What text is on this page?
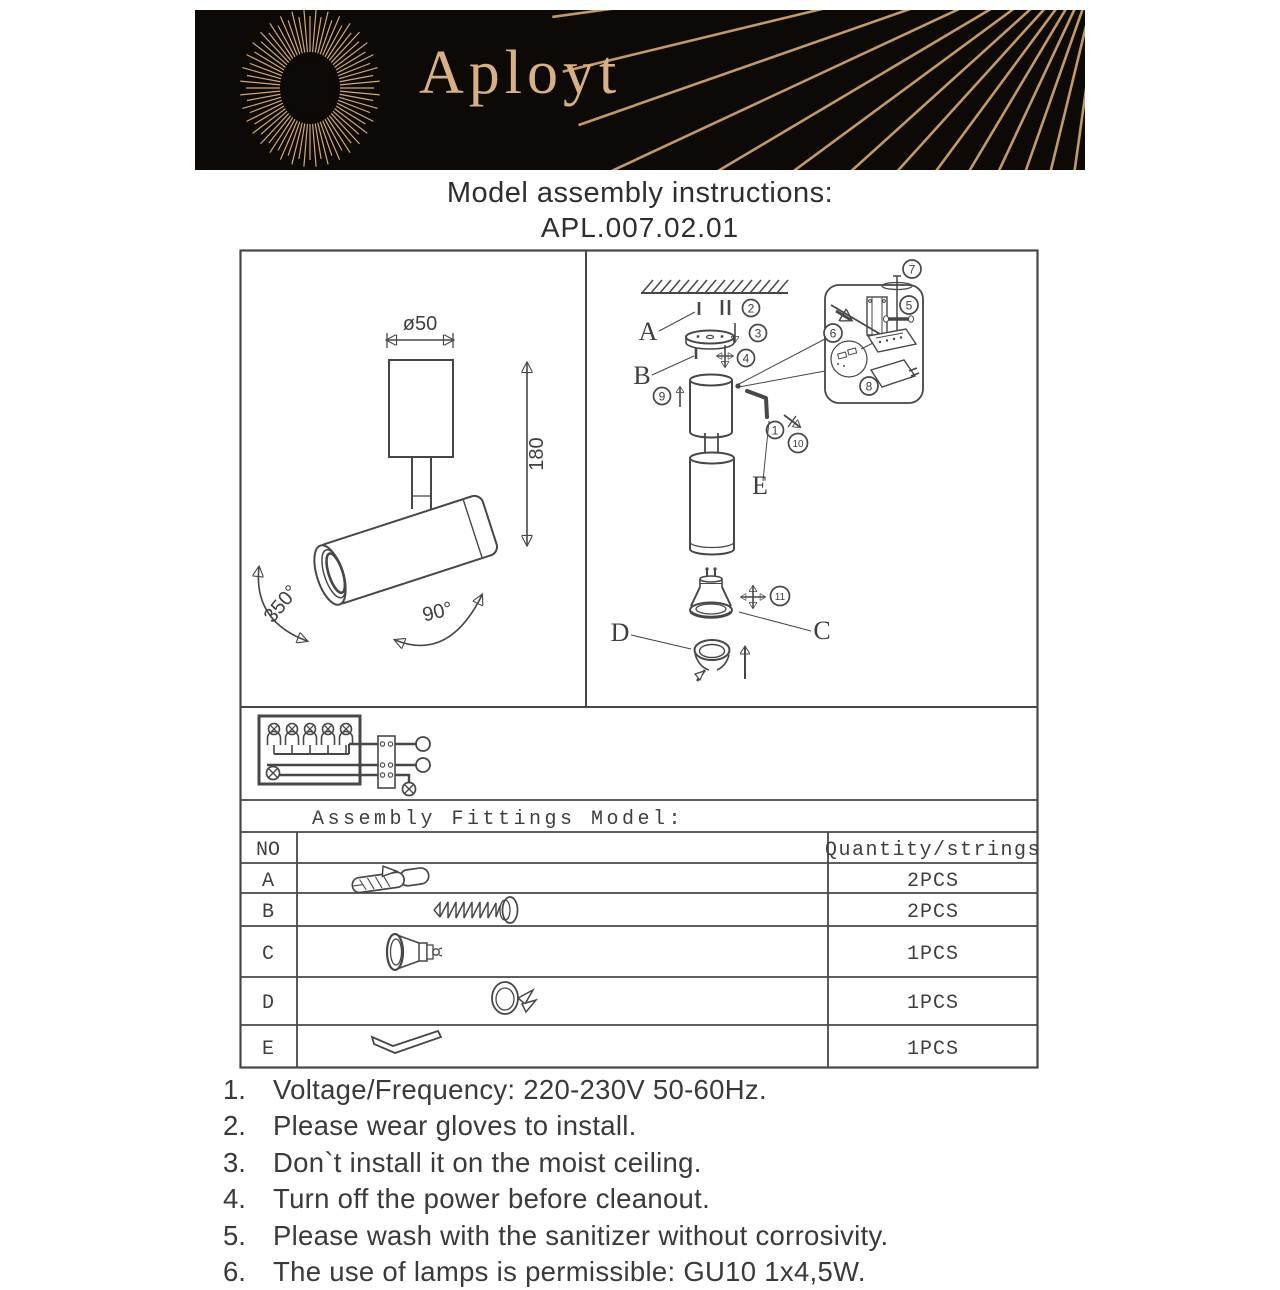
Aployt
Model assembly instructions:
APL.007.02.01
ø50
180
350°	90°
A
2
3
B
4
9
1
10
E
11
C
D
7
5
6
8
Assembly Fittings Model:
NO	Quantity/strings
A	2PCS
B	2PCS
C	1PCS
D	1PCS
E	1PCS
1. Voltage/Frequency: 220-230V 50-60Hz.
2. Please wear gloves to install.
3. Don`t install it on the moist ceiling.
4. Turn off the power before cleanout.
5. Please wash with the sanitizer without corrosivity.
6. The use of lamps is permissible: GU10 1x4,5W.
